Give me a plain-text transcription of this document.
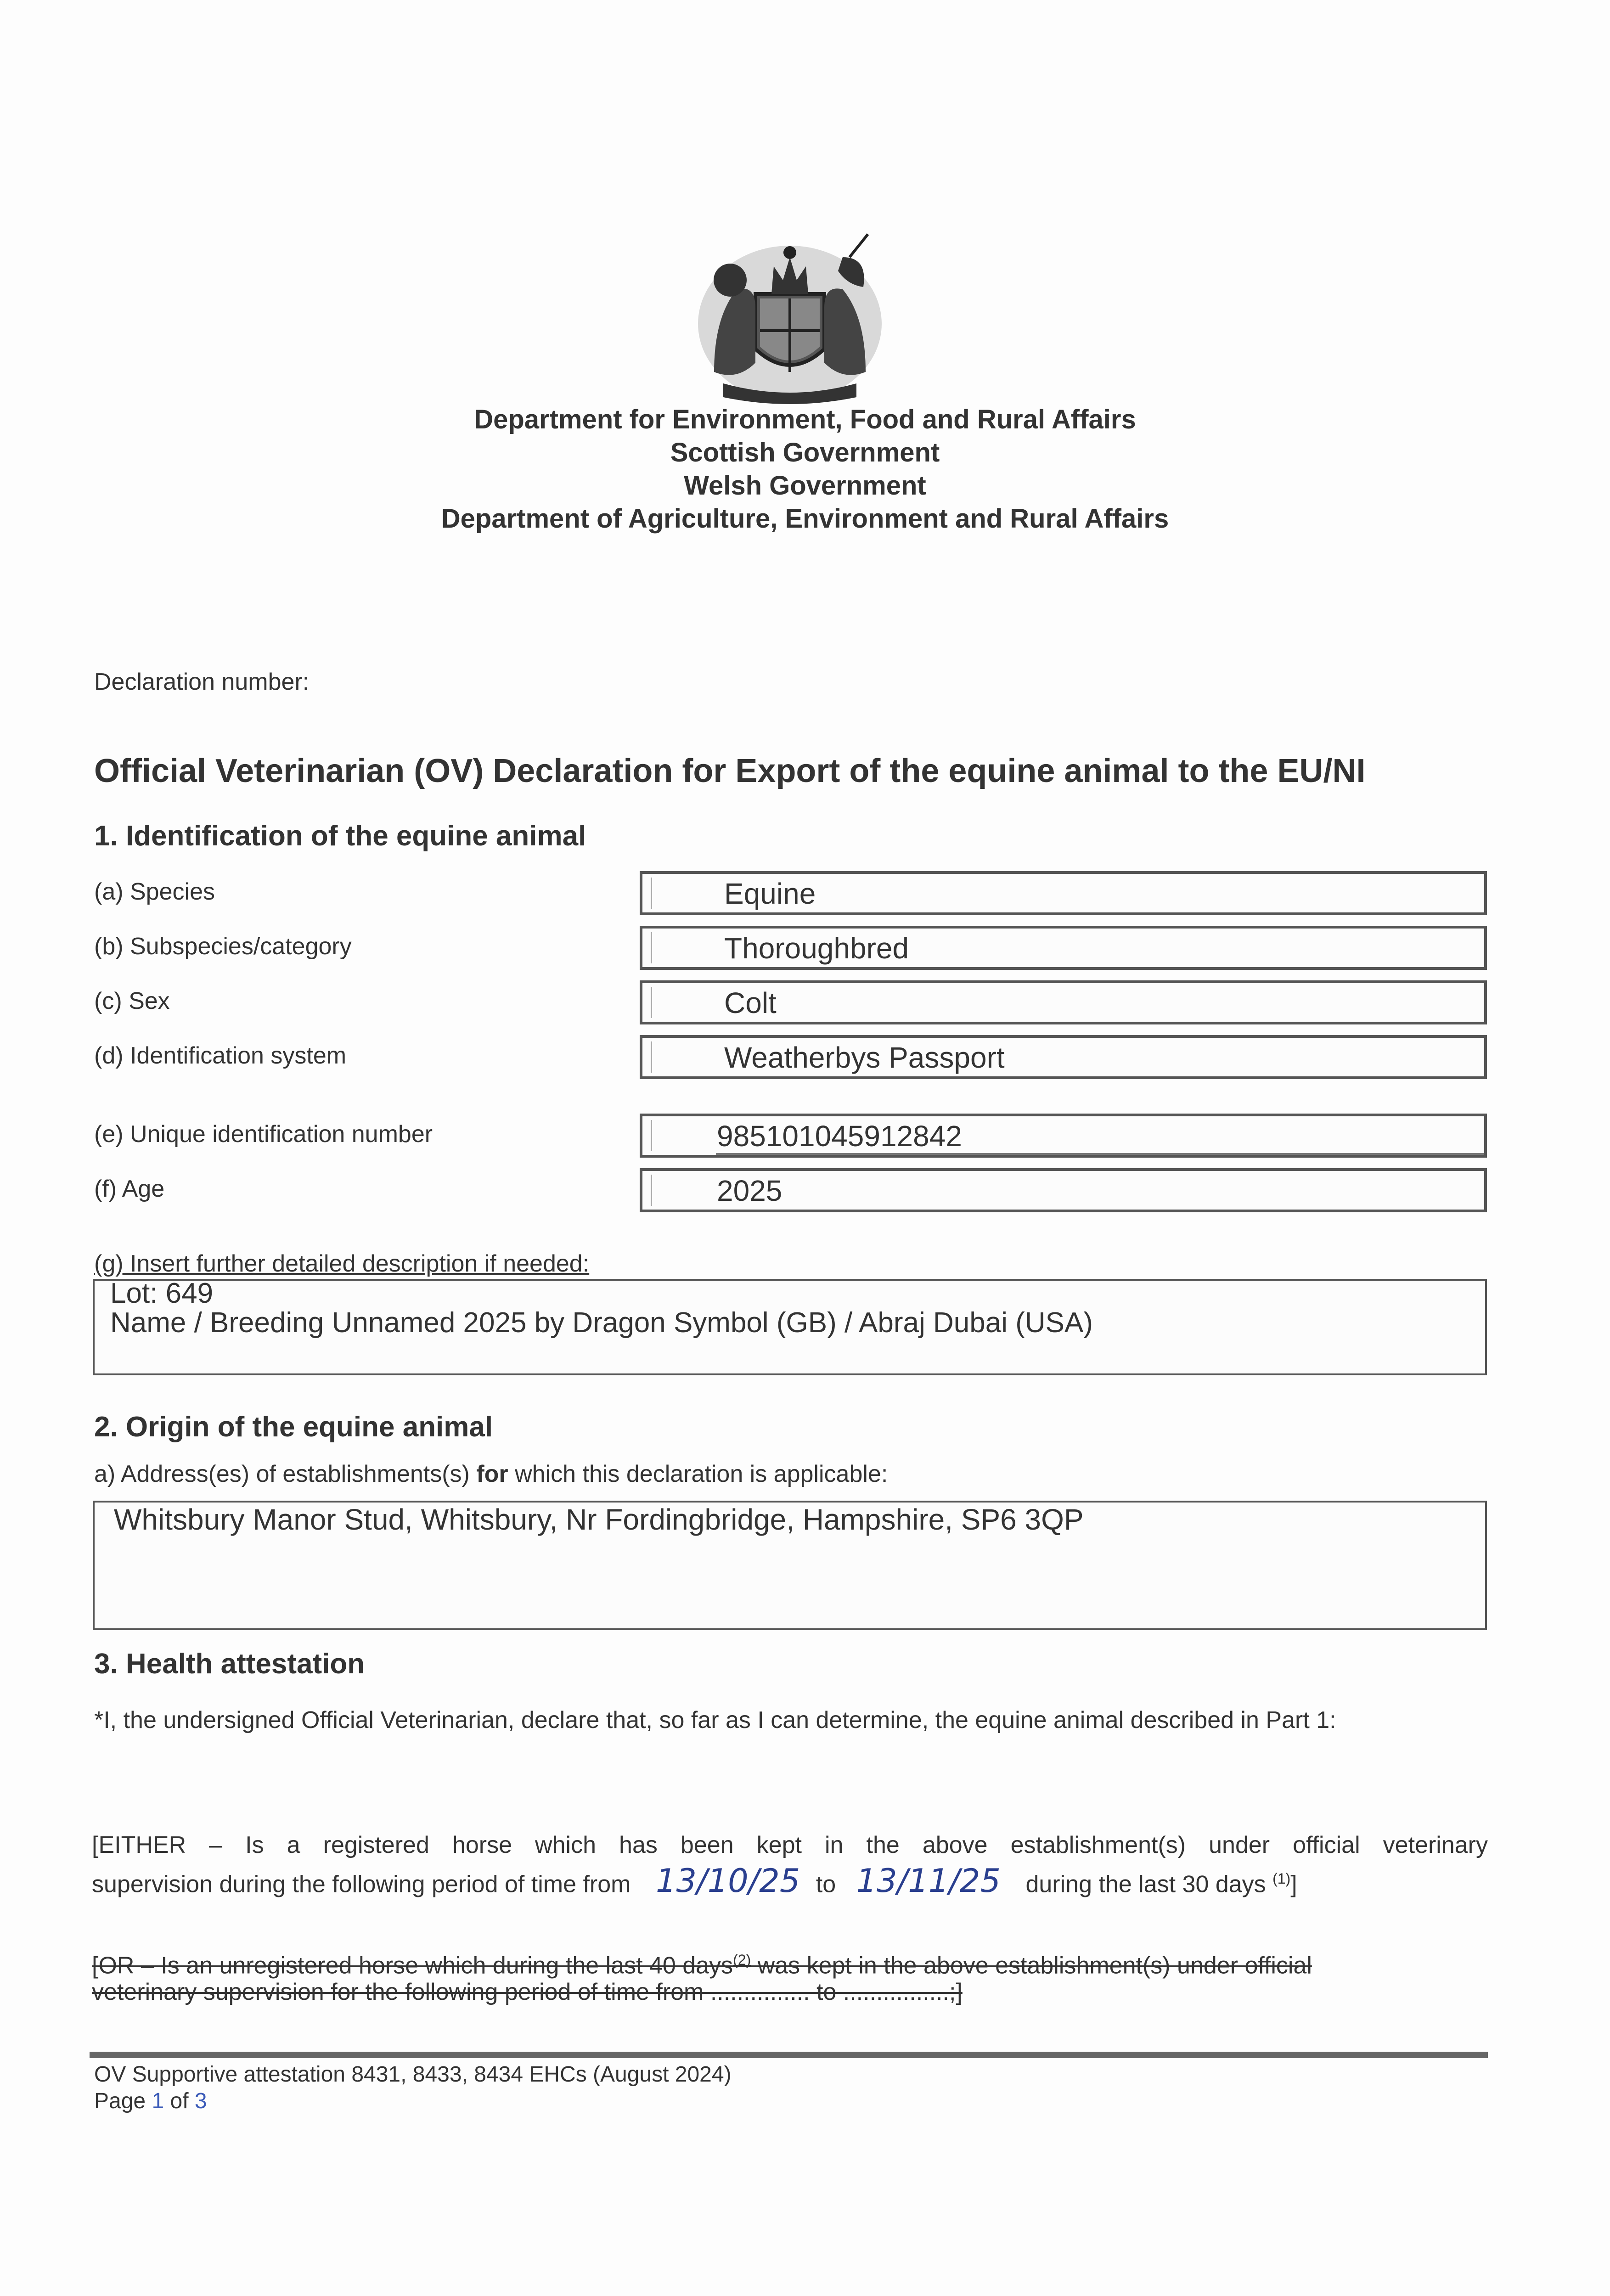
Department for Environment, Food and Rural Affairs
Scottish Government
Welsh Government
Department of Agriculture, Environment and Rural Affairs
Declaration number:
Official Veterinarian (OV) Declaration for Export of the equine animal to the EU/NI
1. Identification of the equine animal
(a) Species	Equine
(b) Subspecies/category	Thoroughbred
(c) Sex	Colt
(d) Identification system	Weatherbys Passport
(e) Unique identification number	985101045912842
(f) Age	2025
(g) Insert further detailed description if needed:
Lot: 649
Name / Breeding Unnamed 2025 by Dragon Symbol (GB) / Abraj Dubai (USA)
2. Origin of the equine animal
a) Address(es) of establishments(s) for which this declaration is applicable:
Whitsbury Manor Stud, Whitsbury, Nr Fordingbridge, Hampshire, SP6 3QP
3. Health attestation
*I, the undersigned Official Veterinarian, declare that, so far as I can determine, the equine animal described in Part 1:
[EITHER – Is a registered horse which has been kept in the above establishment(s) under official veterinary
supervision during the following period of time from 13/10/25 to 13/11/25 during the last 30 days $^{(1)}$]
[OR – Is an unregistered horse which during the last 40 days$^{(2)}$ was kept in the above establishment(s) under official
veterinary supervision for the following period of time from ............... to ................;]
OV Supportive attestation 8431, 8433, 8434 EHCs (August 2024)
Page 1 of 3
